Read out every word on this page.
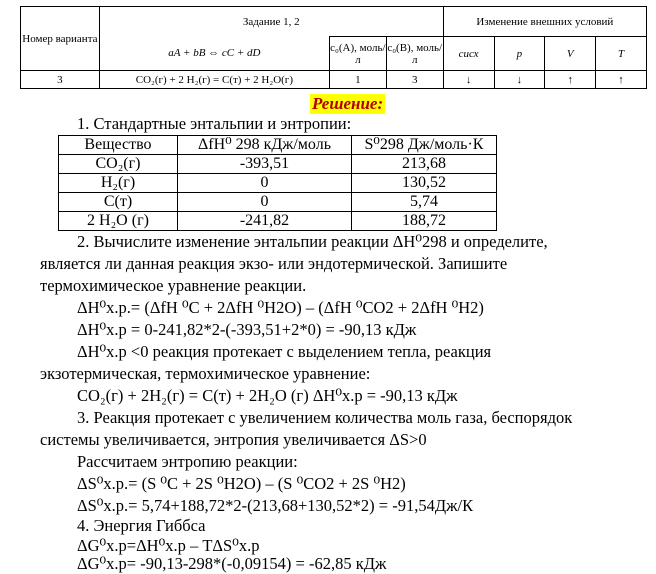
Номер варианта	Задание 1, 2			Изменение внешних условий			
	aA + bB ⇔ cC + dD	c₀(A), моль/л	c₀(B), моль/л	cисх	p	V	T
3	CO₂(г) + 2 H₂(г) = C(т) + 2 H₂O(г)	1	3	↓	↓	↑	↑
Решение:
1. Стандартные энтальпии и энтропии:
Вещество	ΔfH⁰ 298 кДж/моль	S⁰298 Дж/моль·К
CO₂(г)	-393,51	213,68
H₂(г)	0	130,52
C(т)	0	5,74
2 H₂O (г)	-241,82	188,72
2. Вычислите изменение энтальпии реакции ΔH⁰298 и определите,
является ли данная реакция экзо- или эндотермической. Запишите
термохимическое уравнение реакции.
ΔH⁰х.р.= (ΔfH ⁰C + 2ΔfH ⁰H2O) – (ΔfH ⁰CO2 + 2ΔfH ⁰H2)
ΔH⁰х.р = 0-241,82*2-(-393,51+2*0) = -90,13 кДж
ΔH⁰х.р <0 реакция протекает с выделением тепла, реакция
экзотермическая, термохимическое уравнение:
CO₂(г) + 2H₂(г) = C(т) + 2H₂O (г) ΔH⁰х.р = -90,13 кДж
3. Реакция протекает с увеличением количества моль газа, беспорядок
системы увеличивается, энтропия увеличивается ΔS>0
Рассчитаем энтропию реакции:
ΔS⁰х.р.= (S ⁰C + 2S ⁰H2O) – (S ⁰CO2 + 2S ⁰H2)
ΔS⁰х.р.= 5,74+188,72*2-(213,68+130,52*2) = -91,54Дж/К
4. Энергия Гиббса
ΔG⁰х.р=ΔH⁰х.р – TΔS⁰х.р
ΔG⁰х.р= -90,13-298*(-0,09154) = -62,85 кДж
